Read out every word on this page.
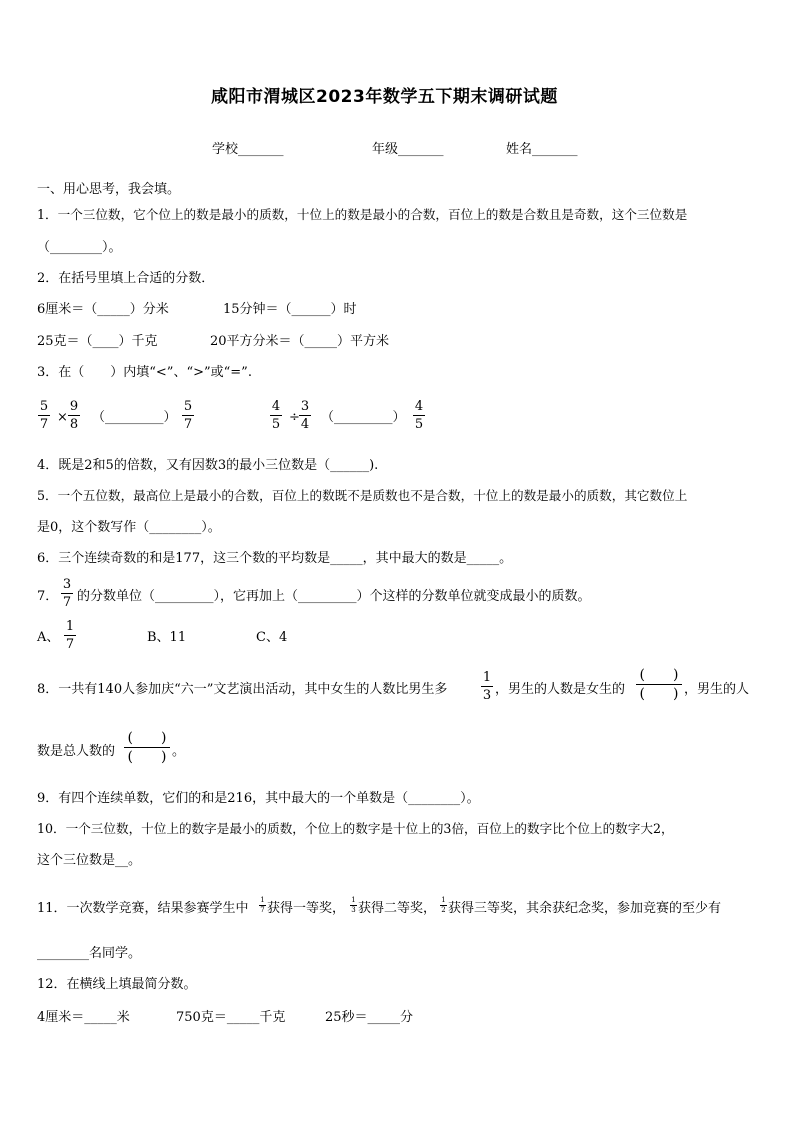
咸阳市渭城区2023年数学五下期末调研试题
学校_______	年级_______	姓名_______
一、用心思考，我会填。
1．一个三位数，它个位上的数是最小的质数，十位上的数是最小的合数，百位上的数是合数且是奇数，这个三位数是
（________）。
2．在括号里填上合适的分数．
6厘米＝（_____）分米	15分钟＝（______）时
25克＝（____）千克	20平方分米＝（_____）平方米
3．在（　　）内填“<”、“>”或“=”.
5
7 ×
9
8 （_________）
5
7
4
5 ÷
3
4 （_________）
4
5
4．既是2和5的倍数，又有因数3的最小三位数是（______).
5．一个五位数，最高位上是最小的合数，百位上的数既不是质数也不是合数，十位上的数是最小的质数，其它数位上
是0，这个数写作（________）。
6．三个连续奇数的和是177，这三个数的平均数是_____，其中最大的数是_____。
7．
3
7 的分数单位（_________），它再加上（_________）个这样的分数单位就变成最小的质数。
A、
1
7	B、11	C、4
8．一共有140人参加庆“六一”文艺演出活动，其中女生的人数比男生多
1
3 ，男生的人数是女生的
(　　)
(　　) ，男生的人
数是总人数的
(　　)
(　　) 。
9．有四个连续单数，它们的和是216，其中最大的一个单数是（________）。
10．一个三位数，十位上的数字是最小的质数，个位上的数字是十位上的3倍，百位上的数字比个位上的数字大2，
这个三位数是__。
11．一次数学竞赛，结果参赛学生中
1
7 获得一等奖，
1
3 获得二等奖，
1
2 获得三等奖，其余获纪念奖，参加竞赛的至少有
________名同学。
12．在横线上填最简分数。
4厘米＝_____米	750克＝_____千克	25秒＝_____分
